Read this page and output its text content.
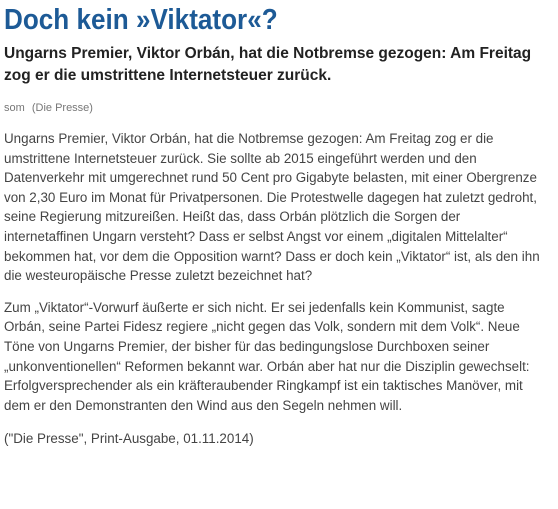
Doch kein »Viktator«?

Ungarns Premier, Viktor Orbán, hat die Notbremse gezogen: Am Freitag zog er die umstrittene Internetsteuer zurück.

som (Die Presse)

Ungarns Premier, Viktor Orbán, hat die Notbremse gezogen: Am Freitag zog er die umstrittene Internetsteuer zurück. Sie sollte ab 2015 eingeführt werden und den Datenverkehr mit umgerechnet rund 50 Cent pro Gigabyte belasten, mit einer Obergrenze von 2,30 Euro im Monat für Privatpersonen. Die Protestwelle dagegen hat zuletzt gedroht, seine Regierung mitzureißen. Heißt das, dass Orbán plötzlich die Sorgen der internetaffinen Ungarn versteht? Dass er selbst Angst vor einem „digitalen Mittelalter“ bekommen hat, vor dem die Opposition warnt? Dass er doch kein „Viktator“ ist, als den ihn die westeuropäische Presse zuletzt bezeichnet hat?

Zum „Viktator“-Vorwurf äußerte er sich nicht. Er sei jedenfalls kein Kommunist, sagte Orbán, seine Partei Fidesz regiere „nicht gegen das Volk, sondern mit dem Volk“. Neue Töne von Ungarns Premier, der bisher für das bedingungslose Durchboxen seiner „unkonventionellen“ Reformen bekannt war. Orbán aber hat nur die Disziplin gewechselt: Erfolgversprechender als ein kräfteraubender Ringkampf ist ein taktisches Manöver, mit dem er den Demonstranten den Wind aus den Segeln nehmen will.

("Die Presse", Print-Ausgabe, 01.11.2014)
